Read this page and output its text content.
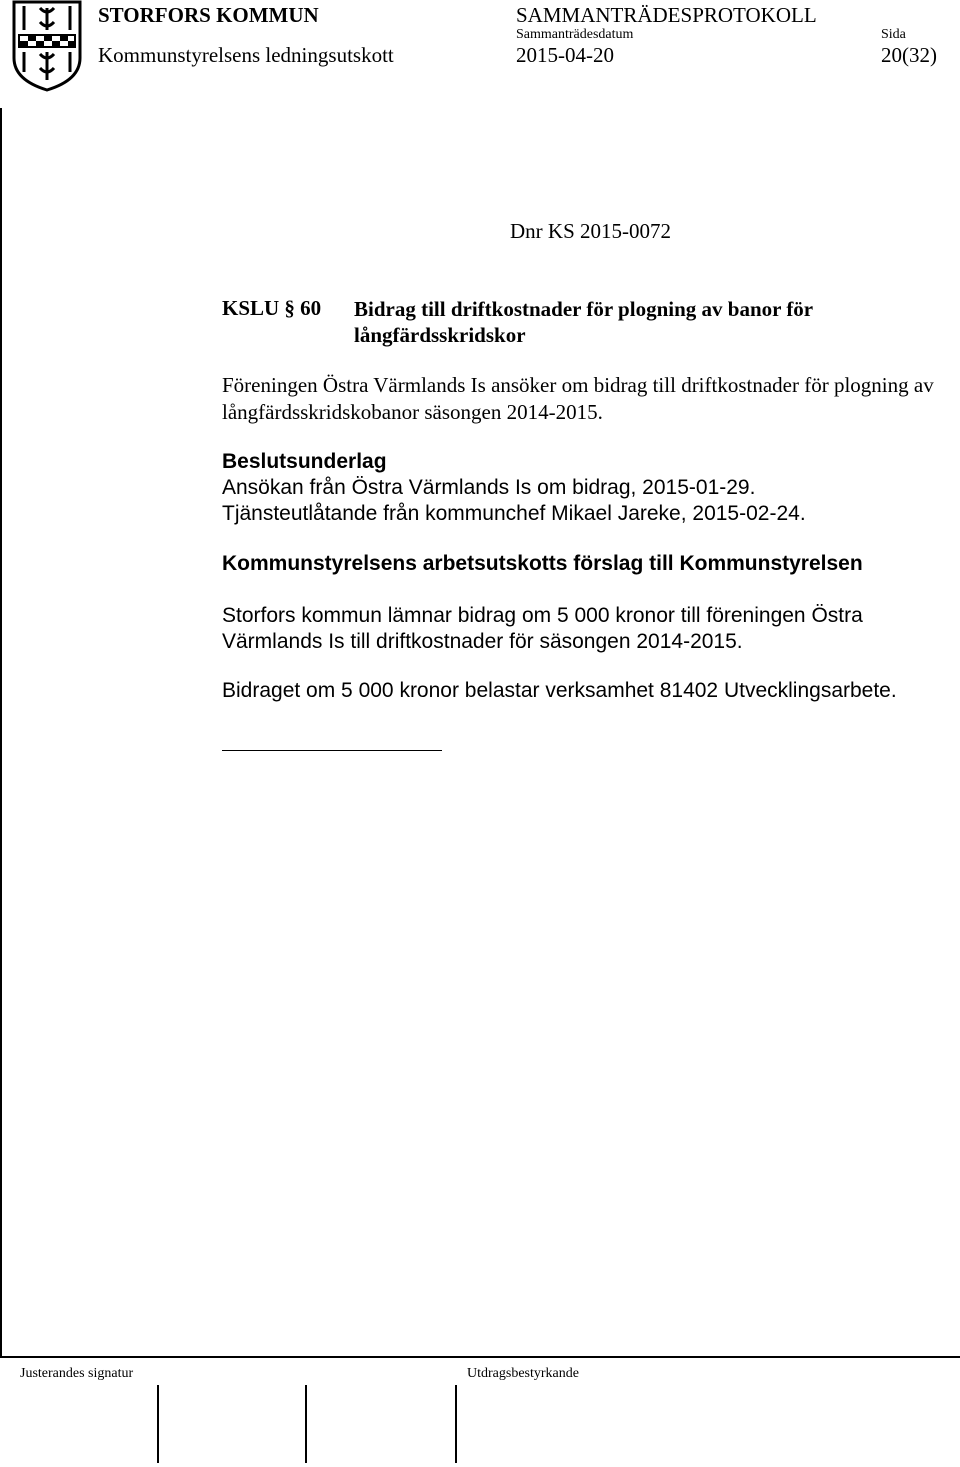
STORFORS KOMMUN	SAMMANTRÄDESPROTOKOLL
Sammanträdesdatum	Sida
Kommunstyrelsens ledningsutskott	2015-04-20	20(32)
Dnr KS 2015-0072
KSLU § 60 Bidrag till driftkostnader för plogning av banor för långfärdsskridskor
Föreningen Östra Värmlands Is ansöker om bidrag till driftkostnader för plogning av långfärdsskridskobanor säsongen 2014-2015.
Beslutsunderlag
Ansökan från Östra Värmlands Is om bidrag, 2015-01-29.
Tjänsteutlåtande från kommunchef Mikael Jareke, 2015-02-24.
Kommunstyrelsens arbetsutskotts förslag till Kommunstyrelsen
Storfors kommun lämnar bidrag om 5 000 kronor till föreningen Östra Värmlands Is till driftkostnader för säsongen 2014-2015.
Bidraget om 5 000 kronor belastar verksamhet 81402 Utvecklingsarbete.
Justerandes signatur	Utdragsbestyrkande
